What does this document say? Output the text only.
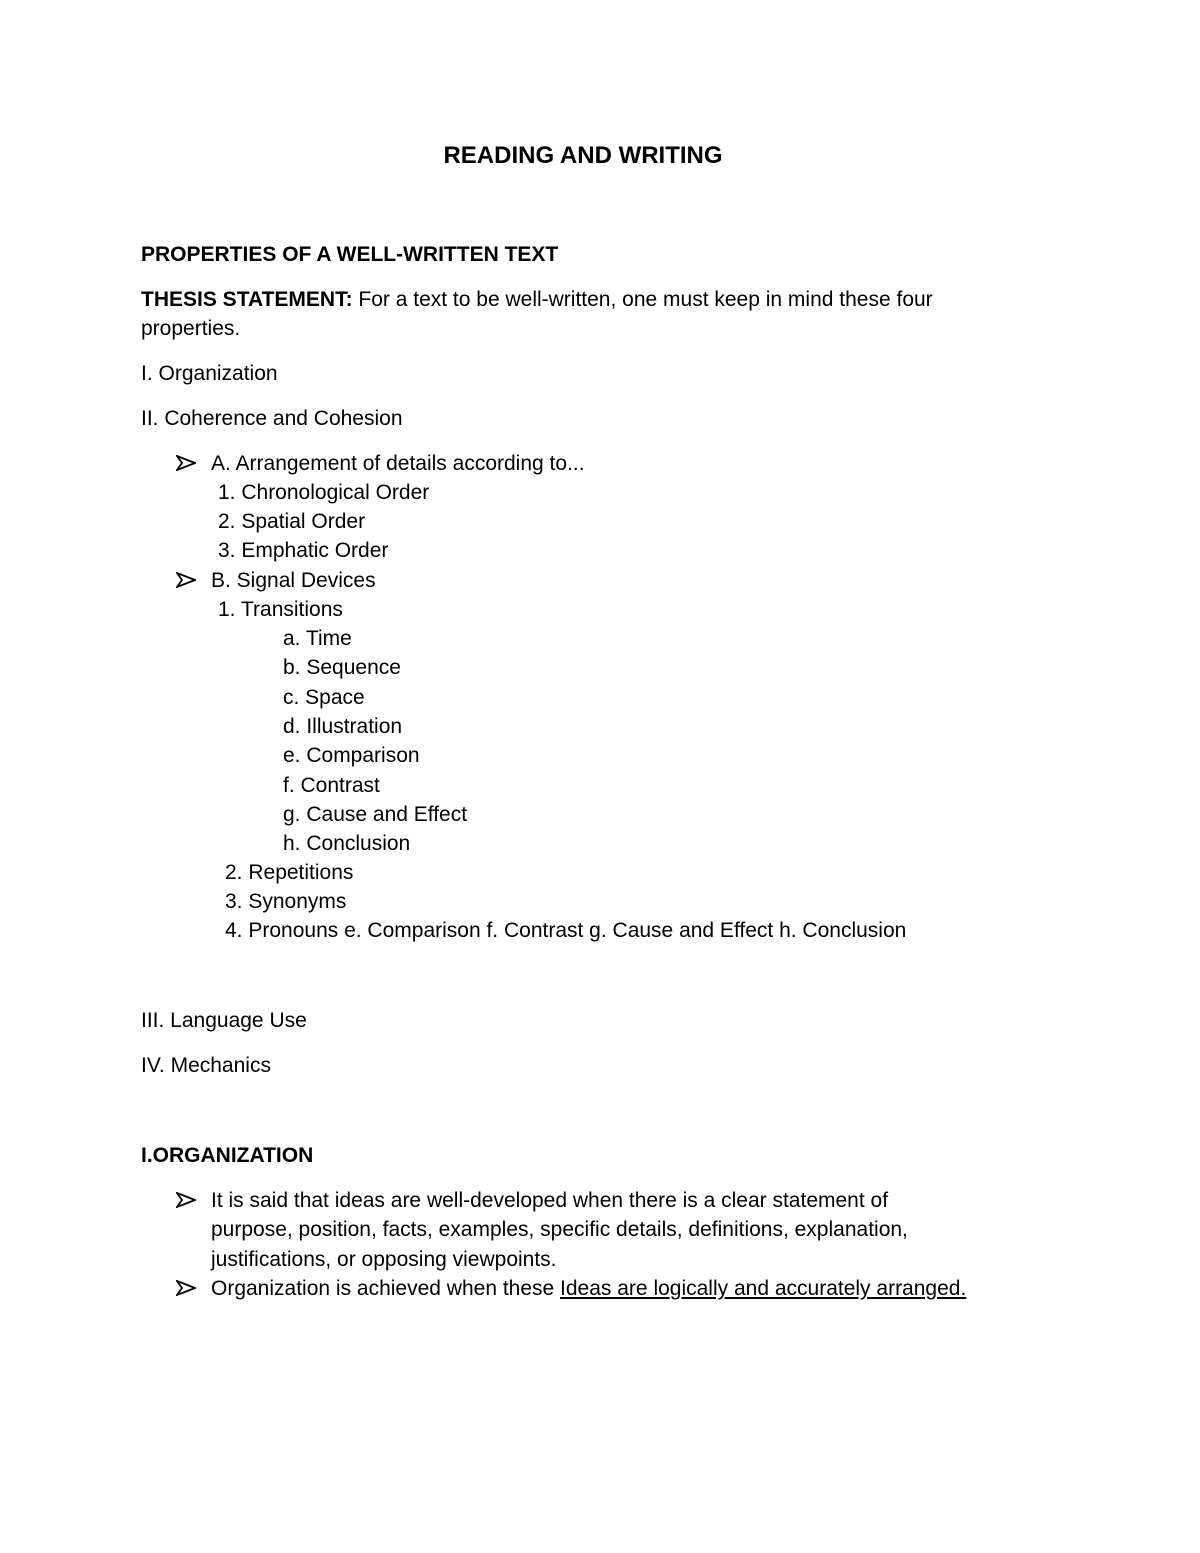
READING AND WRITING
PROPERTIES OF A WELL-WRITTEN TEXT
THESIS STATEMENT: For a text to be well-written, one must keep in mind these four
properties.
I. Organization
II. Coherence and Cohesion
A. Arrangement of details according to...
1. Chronological Order
2. Spatial Order
3. Emphatic Order
B. Signal Devices
1. Transitions
a. Time
b. Sequence
c. Space
d. Illustration
e. Comparison
f. Contrast
g. Cause and Effect
h. Conclusion
2. Repetitions
3. Synonyms
4. Pronouns e. Comparison f. Contrast g. Cause and Effect h. Conclusion
III. Language Use
IV. Mechanics
I.ORGANIZATION
It is said that ideas are well-developed when there is a clear statement of
purpose, position, facts, examples, specific details, definitions, explanation,
justifications, or opposing viewpoints.
Organization is achieved when these Ideas are logically and accurately arranged.
